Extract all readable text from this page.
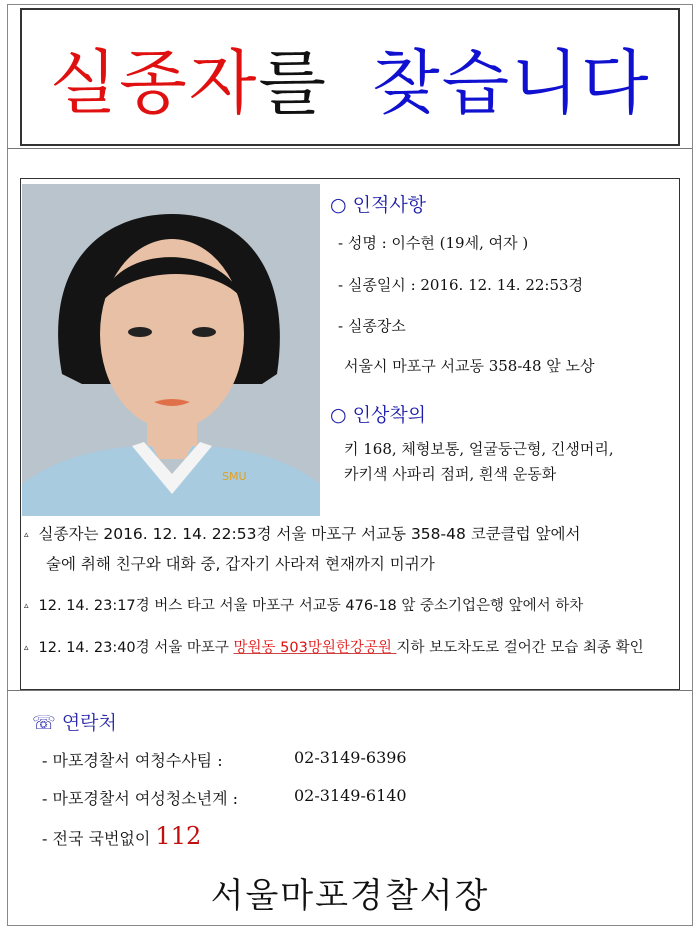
실종자 를 찾습니다
SMU
○ 인적사항
- 성명 : 이수현 (19세, 여자 )
- 실종일시 : 2016. 12. 14. 22:53경
- 실종장소
서울시 마포구 서교동 358-48 앞 노상
○ 인상착의
키 168, 체형보통, 얼굴둥근형, 긴생머리,
카키색 사파리 점퍼, 흰색 운동화
▵ 실종자는 2016. 12. 14. 22:53경 서울 마포구 서교동 358-48 코쿤클럽 앞에서
술에 취해 친구와 대화 중, 갑자기 사라져 현재까지 미귀가
▵ 12. 14. 23:17경 버스 타고 서울 마포구 서교동 476-18 앞 중소기업은행 앞에서 하차
▵ 12. 14. 23:40경 서울 마포구 망원동 503망원한강공원 지하 보도차도로 걸어간 모습 최종 확인
☏ 연락처
- 마포경찰서 여청수사팀 :	02-3149-6396
- 마포경찰서 여성청소년계 :	02-3149-6140
- 전국 국번없이 112
서울마포경찰서장
